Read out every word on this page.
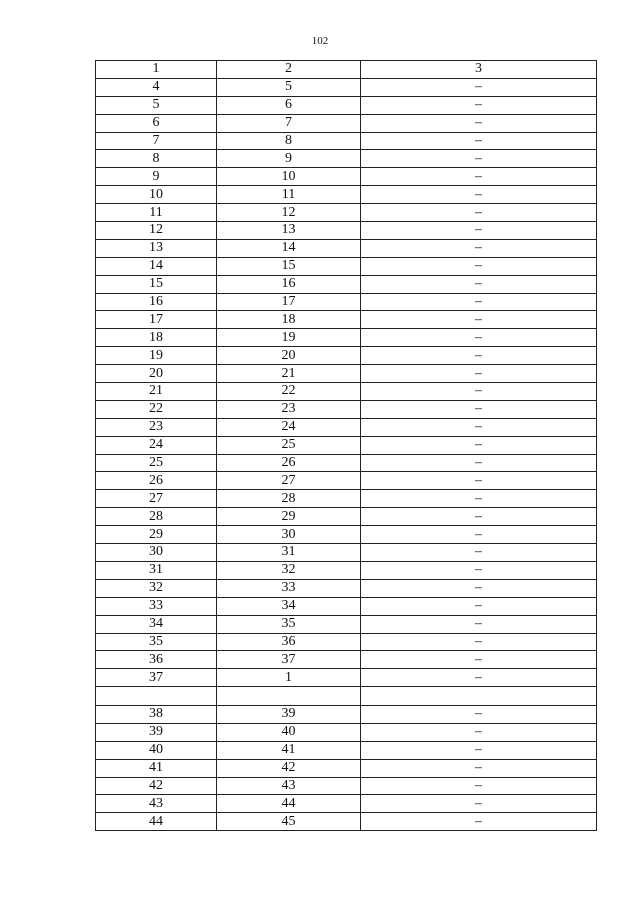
102
1	2	3
4	5	–
5	6	–
6	7	–
7	8	–
8	9	–
9	10	–
10	11	–
11	12	–
12	13	–
13	14	–
14	15	–
15	16	–
16	17	–
17	18	–
18	19	–
19	20	–
20	21	–
21	22	–
22	23	–
23	24	–
24	25	–
25	26	–
26	27	–
27	28	–
28	29	–
29	30	–
30	31	–
31	32	–
32	33	–
33	34	–
34	35	–
35	36	–
36	37	–
37	1	–

38	39	–
39	40	–
40	41	–
41	42	–
42	43	–
43	44	–
44	45	–
